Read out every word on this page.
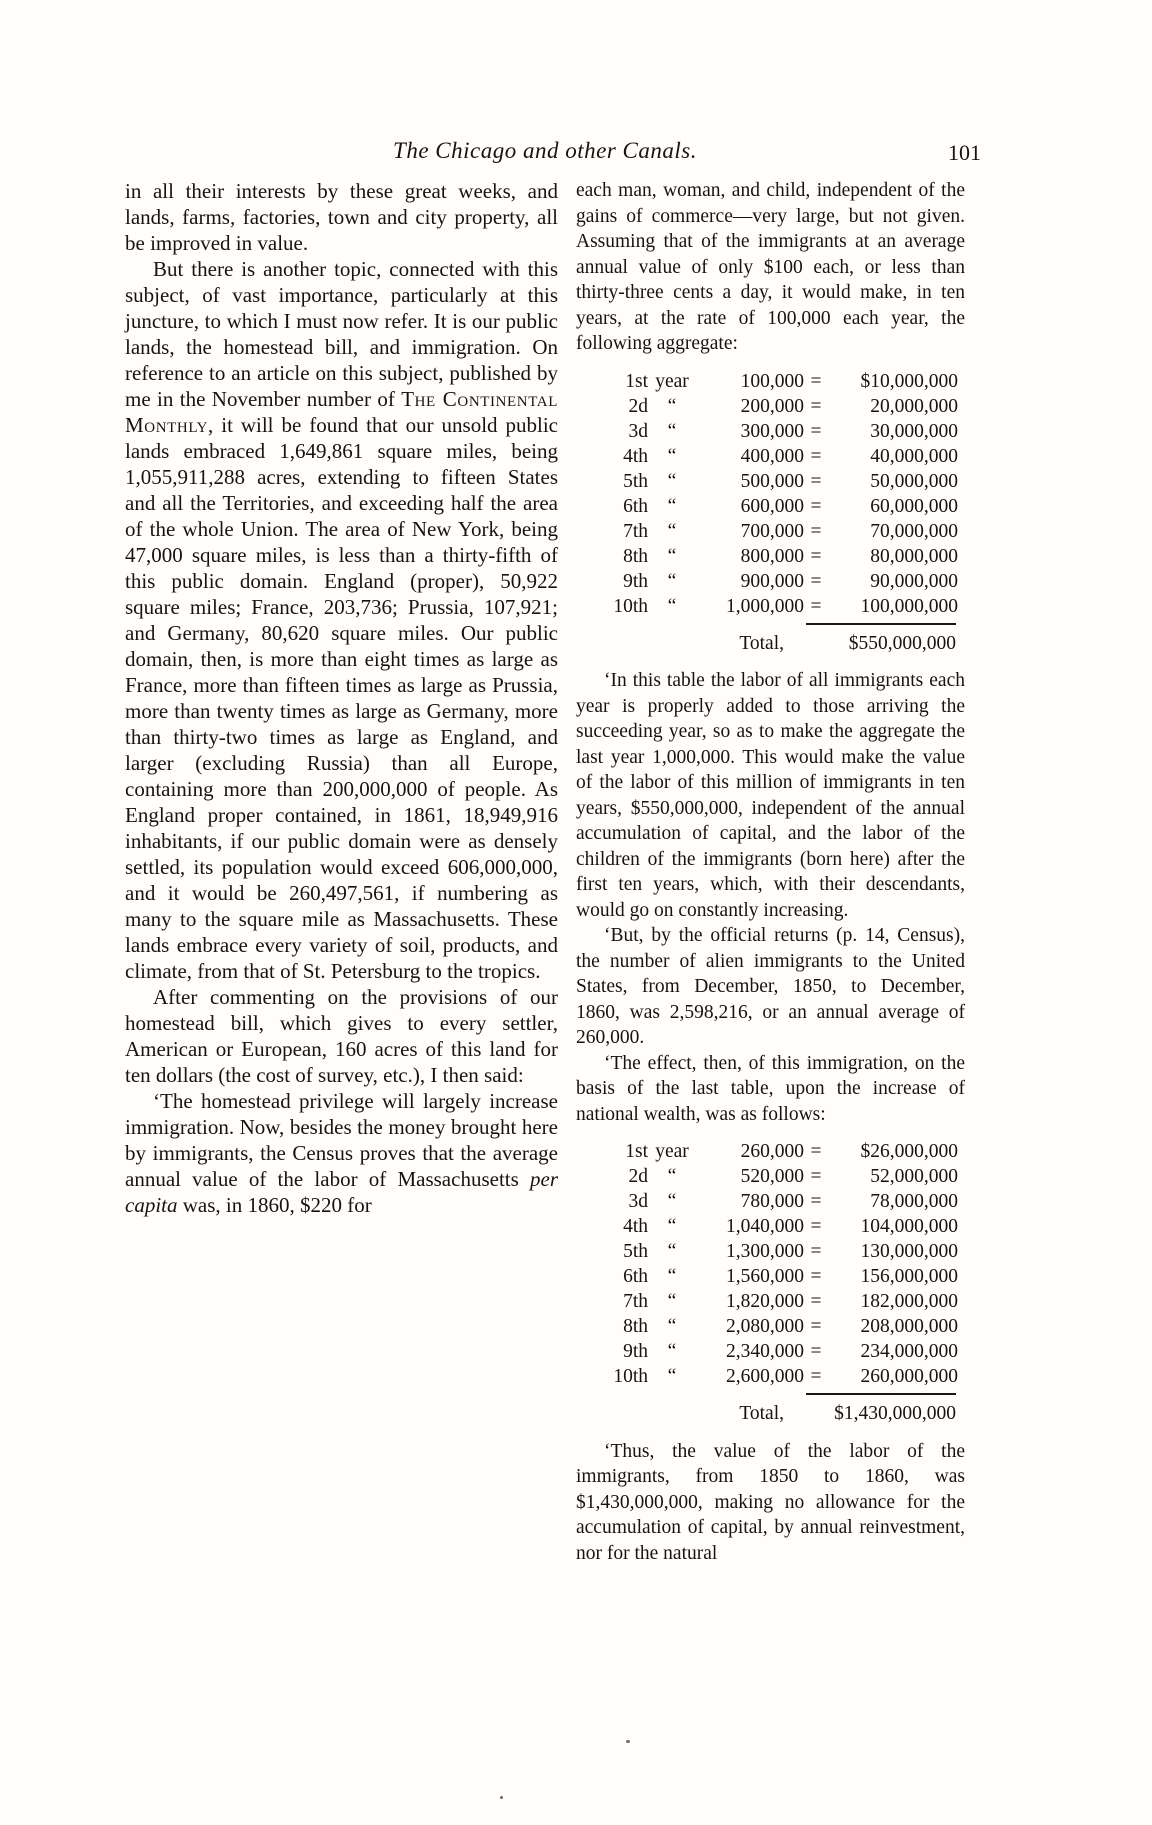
The Chicago and other Canals.	101

in all their interests by these great weeks, and lands, farms, factories, town and city property, all be improved in value.

But there is another topic, connected with this subject, of vast importance, particularly at this juncture, to which I must now refer. It is our public lands, the homestead bill, and immigration. On reference to an article on this subject, published by me in the November number of The Continental Monthly, it will be found that our unsold public lands embraced 1,649,861 square miles, being 1,055,911,288 acres, extending to fifteen States and all the Territories, and exceeding half the area of the whole Union. The area of New York, being 47,000 square miles, is less than a thirty-fifth of this public domain. England (proper), 50,922 square miles; France, 203,736; Prussia, 107,921; and Germany, 80,620 square miles. Our public domain, then, is more than eight times as large as France, more than fifteen times as large as Prussia, more than twenty times as large as Germany, more than thirty-two times as large as England, and larger (excluding Russia) than all Europe, containing more than 200,000,000 of people. As England proper contained, in 1861, 18,949,916 inhabitants, if our public domain were as densely settled, its population would exceed 606,000,000, and it would be 260,497,561, if numbering as many to the square mile as Massachusetts. These lands embrace every variety of soil, products, and climate, from that of St. Petersburg to the tropics.

After commenting on the provisions of our homestead bill, which gives to every settler, American or European, 160 acres of this land for ten dollars (the cost of survey, etc.), I then said:

‘The homestead privilege will largely increase immigration. Now, besides the money brought here by immigrants, the Census proves that the average annual value of the labor of Massachusetts per capita was, in 1860, $220 for

each man, woman, and child, independent of the gains of commerce—very large, but not given. Assuming that of the immigrants at an average annual value of only $100 each, or less than thirty-three cents a day, it would make, in ten years, at the rate of 100,000 each year, the following aggregate:

1st year	100,000 =	$10,000,000
2d	“	200,000 =	20,000,000
3d	“	300,000 =	30,000,000
4th	“	400,000 =	40,000,000
5th	“	500,000 =	50,000,000
6th	“	600,000 =	60,000,000
7th	“	700,000 =	70,000,000
8th	“	800,000 =	80,000,000
9th	“	900,000 =	90,000,000
10th	“	1,000,000 =	100,000,000
Total,	$550,000,000

‘In this table the labor of all immigrants each year is properly added to those arriving the succeeding year, so as to make the aggregate the last year 1,000,000. This would make the value of the labor of this million of immigrants in ten years, $550,000,000, independent of the annual accumulation of capital, and the labor of the children of the immigrants (born here) after the first ten years, which, with their descendants, would go on constantly increasing.

‘But, by the official returns (p. 14, Census), the number of alien immigrants to the United States, from December, 1850, to December, 1860, was 2,598,216, or an annual average of 260,000.

‘The effect, then, of this immigration, on the basis of the last table, upon the increase of national wealth, was as follows:

1st year	260,000 =	$26,000,000
2d	“	520,000 =	52,000,000
3d	“	780,000 =	78,000,000
4th	“	1,040,000 =	104,000,000
5th	“	1,300,000 =	130,000,000
6th	“	1,560,000 =	156,000,000
7th	“	1,820,000 =	182,000,000
8th	“	2,080,000 =	208,000,000
9th	“	2,340,000 =	234,000,000
10th	“	2,600,000 =	260,000,000
Total,	$1,430,000,000

‘Thus, the value of the labor of the immigrants, from 1850 to 1860, was $1,430,000,000, making no allowance for the accumulation of capital, by annual reinvestment, nor for the natural
